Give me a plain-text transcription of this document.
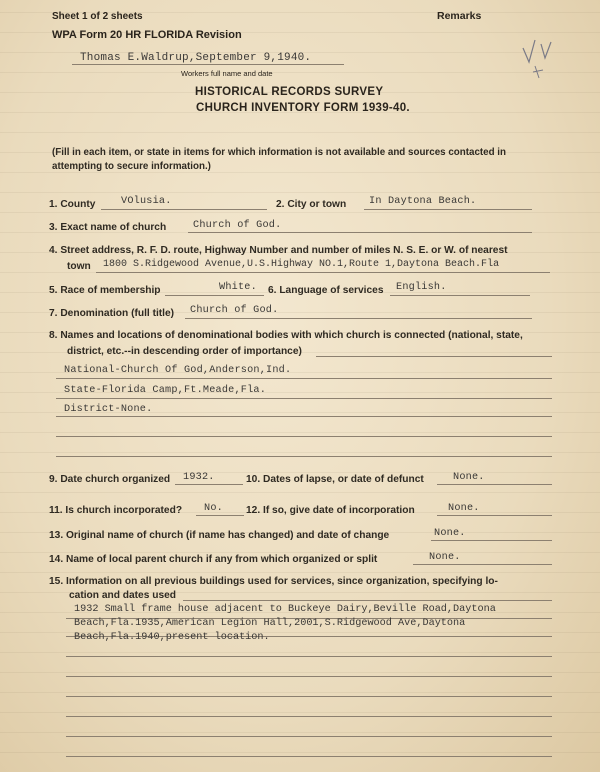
Sheet 1 of 2 sheets	Remarks
WPA Form 20 HR FLORIDA Revision
Thomas E.Waldrup,September 9,1940.
Workers full name and date
HISTORICAL RECORDS SURVEY
CHURCH INVENTORY FORM 1939-40.
(Fill in each item, or state in items for which information is not available and sources contacted in
attempting to secure information.)
1. County	VOlusia.	2. City or town In Daytona Beach.
3. Exact name of church	Church of God.
4. Street address, R. F. D. route, Highway Number and number of miles N. S. E. or W. of nearest
town 1800 S.Ridgewood Avenue,U.S.Highway NO.1,Route 1,Daytona Beach.Fla
5. Race of membership	White. 6. Language of services English.
7. Denomination (full title) Church of God.
8. Names and locations of denominational bodies with which church is connected (national, state,
district, etc.--in descending order of importance)
National-Church Of God,Anderson,Ind.
State-Florida Camp,Ft.Meade,Fla.
District-None.
9. Date church organized 1932.	10. Dates of lapse, or date of defunct	None.
11. Is church incorporated? No. 12. If so, give date of incorporation	None.
13. Original name of church (if name has changed) and date of change	None.
14. Name of local parent church if any from which organized or split	None.
15. Information on all previous buildings used for services, since organization, specifying lo-
cation and dates used
1932 Small frame house adjacent to Buckeye Dairy,Beville Road,Daytona
Beach,Fla.1935,American Legion Hall,2001,S.Ridgewood Ave,Daytona
Beach,Fla.1940,present location.
